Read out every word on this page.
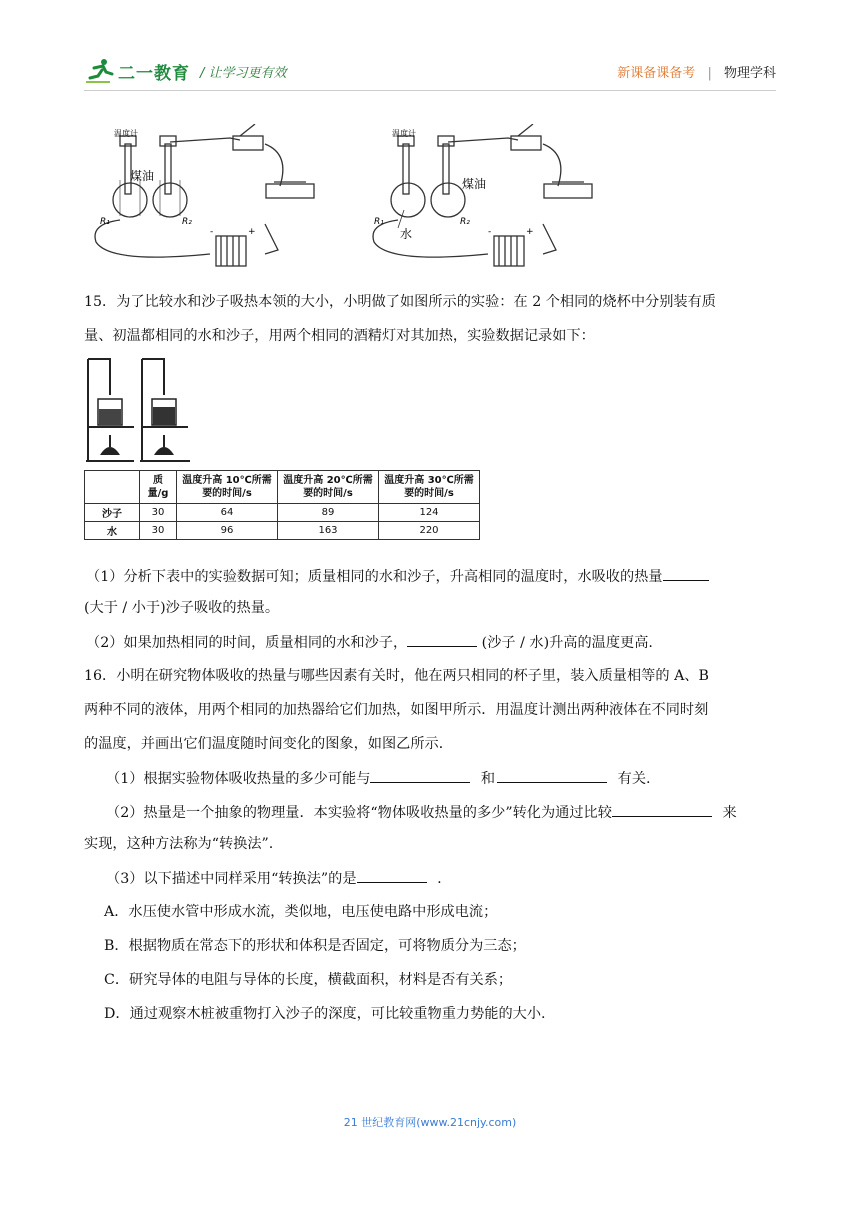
二一教育 / 让学习更有效	新课备课备考 | 物理学科
温度计
煤油
R₁	R₂
-	+
温度计
煤油
水
R₁	R₂
-	+
15．为了比较水和沙子吸热本领的大小，小明做了如图所示的实验：在 2 个相同的烧杯中分别装有质
量、初温都相同的水和沙子，用两个相同的酒精灯对其加热，实验数据记录如下：
	质量/g	温度升高 10℃所需要的时间/s	温度升高 20℃所需要的时间/s	温度升高 30℃所需要的时间/s
沙子	30	64	89	124
水	30	96	163	220
（1）分析下表中的实验数据可知；质量相同的水和沙子，升高相同的温度时，水吸收的热量
(大于 / 小于)沙子吸收的热量。
（2）如果加热相同的时间，质量相同的水和沙子，	(沙子 / 水)升高的温度更高.
16．小明在研究物体吸收的热量与哪些因素有关时，他在两只相同的杯子里，装入质量相等的 A、B
两种不同的液体，用两个相同的加热器给它们加热，如图甲所示．用温度计测出两种液体在不同时刻
的温度，并画出它们温度随时间变化的图象，如图乙所示．
（1）根据实验物体吸收热量的多少可能与	和	有关.
（2）热量是一个抽象的物理量．本实验将“物体吸收热量的多少”转化为通过比较	来
实现，这种方法称为“转换法”.
（3）以下描述中同样采用“转换法”的是	.
A．水压使水管中形成水流，类似地，电压使电路中形成电流；
B．根据物质在常态下的形状和体积是否固定，可将物质分为三态；
C．研究导体的电阻与导体的长度，横截面积，材料是否有关系；
D．通过观察木桩被重物打入沙子的深度，可比较重物重力势能的大小.
21 世纪教育网(www.21cnjy.com)
